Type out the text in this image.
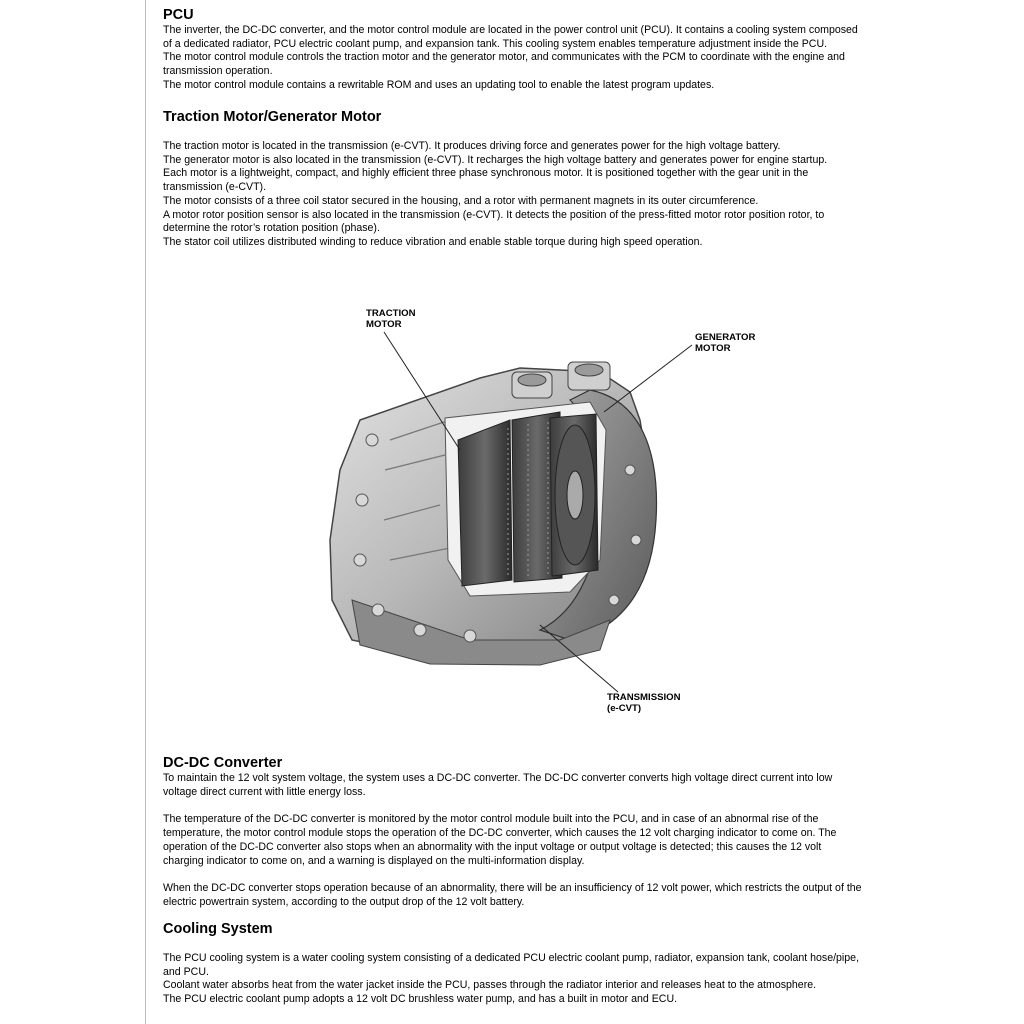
PCU

The inverter, the DC-DC converter, and the motor control module are located in the power control unit (PCU). It contains a cooling system composed of a dedicated radiator, PCU electric coolant pump, and expansion tank. This cooling system enables temperature adjustment inside the PCU.

The motor control module controls the traction motor and the generator motor, and communicates with the PCM to coordinate with the engine and transmission operation.

The motor control module contains a rewritable ROM and uses an updating tool to enable the latest program updates.

Traction Motor/Generator Motor

The traction motor is located in the transmission (e-CVT). It produces driving force and generates power for the high voltage battery.

The generator motor is also located in the transmission (e-CVT). It recharges the high voltage battery and generates power for engine startup.

Each motor is a lightweight, compact, and highly efficient three phase synchronous motor. It is positioned together with the gear unit in the transmission (e-CVT).

The motor consists of a three coil stator secured in the housing, and a rotor with permanent magnets in its outer circumference.

A motor rotor position sensor is also located in the transmission (e-CVT). It detects the position of the press-fitted motor rotor position rotor, to determine the rotor’s rotation position (phase).

The stator coil utilizes distributed winding to reduce vibration and enable stable torque during high speed operation.

TRACTION
MOTOR
GENERATOR
MOTOR
TRANSMISSION
(e-CVT)
DC-DC Converter

To maintain the 12 volt system voltage, the system uses a DC-DC converter. The DC-DC converter converts high voltage direct current into low voltage direct current with little energy loss.

The temperature of the DC-DC converter is monitored by the motor control module built into the PCU, and in case of an abnormal rise of the temperature, the motor control module stops the operation of the DC-DC converter, which causes the 12 volt charging indicator to come on. The operation of the DC-DC converter also stops when an abnormality with the input voltage or output voltage is detected; this causes the 12 volt charging indicator to come on, and a warning is displayed on the multi-information display.

When the DC-DC converter stops operation because of an abnormality, there will be an insufficiency of 12 volt power, which restricts the output of the electric powertrain system, according to the output drop of the 12 volt battery.

Cooling System

The PCU cooling system is a water cooling system consisting of a dedicated PCU electric coolant pump, radiator, expansion tank, coolant hose/pipe, and PCU.

Coolant water absorbs heat from the water jacket inside the PCU, passes through the radiator interior and releases heat to the atmosphere.

The PCU electric coolant pump adopts a 12 volt DC brushless water pump, and has a built in motor and ECU.
